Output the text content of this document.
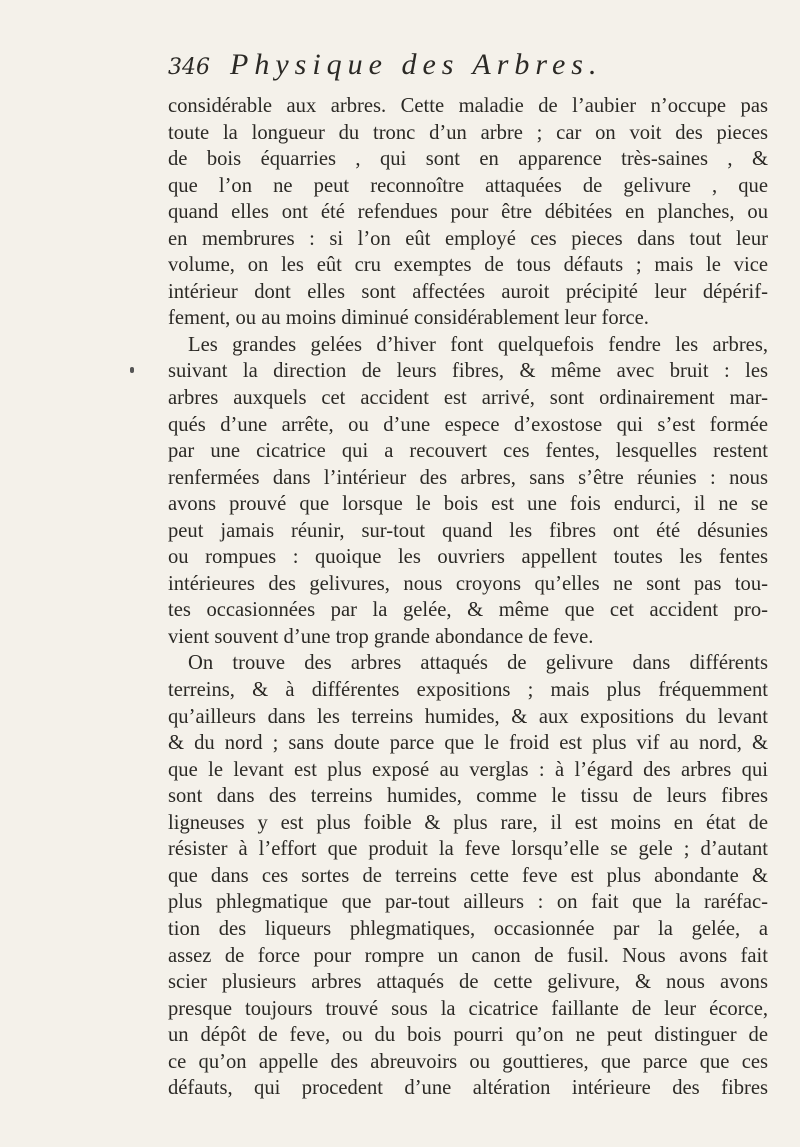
346 Physique des Arbres.
considérable aux arbres. Cette maladie de l’aubier n’occupe pas
toute la longueur du tronc d’un arbre ; car on voit des pieces
de bois équarries , qui sont en apparence très-saines , &
que l’on ne peut reconnoître attaquées de gelivure , que
quand elles ont été refendues pour être débitées en planches, ou
en membrures : si l’on eût employé ces pieces dans tout leur
volume, on les eût cru exemptes de tous défauts ; mais le vice
intérieur dont elles sont affectées auroit précipité leur dépérif-
fement, ou au moins diminué considérablement leur force.
Les grandes gelées d’hiver font quelquefois fendre les arbres,
suivant la direction de leurs fibres, & même avec bruit : les
arbres auxquels cet accident est arrivé, sont ordinairement mar-
qués d’une arrête, ou d’une espece d’exostose qui s’est formée
par une cicatrice qui a recouvert ces fentes, lesquelles restent
renfermées dans l’intérieur des arbres, sans s’être réunies : nous
avons prouvé que lorsque le bois est une fois endurci, il ne se
peut jamais réunir, sur-tout quand les fibres ont été désunies
ou rompues : quoique les ouvriers appellent toutes les fentes
intérieures des gelivures, nous croyons qu’elles ne sont pas tou-
tes occasionnées par la gelée, & même que cet accident pro-
vient souvent d’une trop grande abondance de feve.
On trouve des arbres attaqués de gelivure dans différents
terreins, & à différentes expositions ; mais plus fréquemment
qu’ailleurs dans les terreins humides, & aux expositions du levant
& du nord ; sans doute parce que le froid est plus vif au nord, &
que le levant est plus exposé au verglas : à l’égard des arbres qui
sont dans des terreins humides, comme le tissu de leurs fibres
ligneuses y est plus foible & plus rare, il est moins en état de
résister à l’effort que produit la feve lorsqu’elle se gele ; d’autant
que dans ces sortes de terreins cette feve est plus abondante &
plus phlegmatique que par-tout ailleurs : on fait que la raréfac-
tion des liqueurs phlegmatiques, occasionnée par la gelée, a
assez de force pour rompre un canon de fusil. Nous avons fait
scier plusieurs arbres attaqués de cette gelivure, & nous avons
presque toujours trouvé sous la cicatrice faillante de leur écorce,
un dépôt de feve, ou du bois pourri qu’on ne peut distinguer de
ce qu’on appelle des abreuvoirs ou gouttieres, que parce que ces
défauts, qui procedent d’une altération intérieure des fibres
